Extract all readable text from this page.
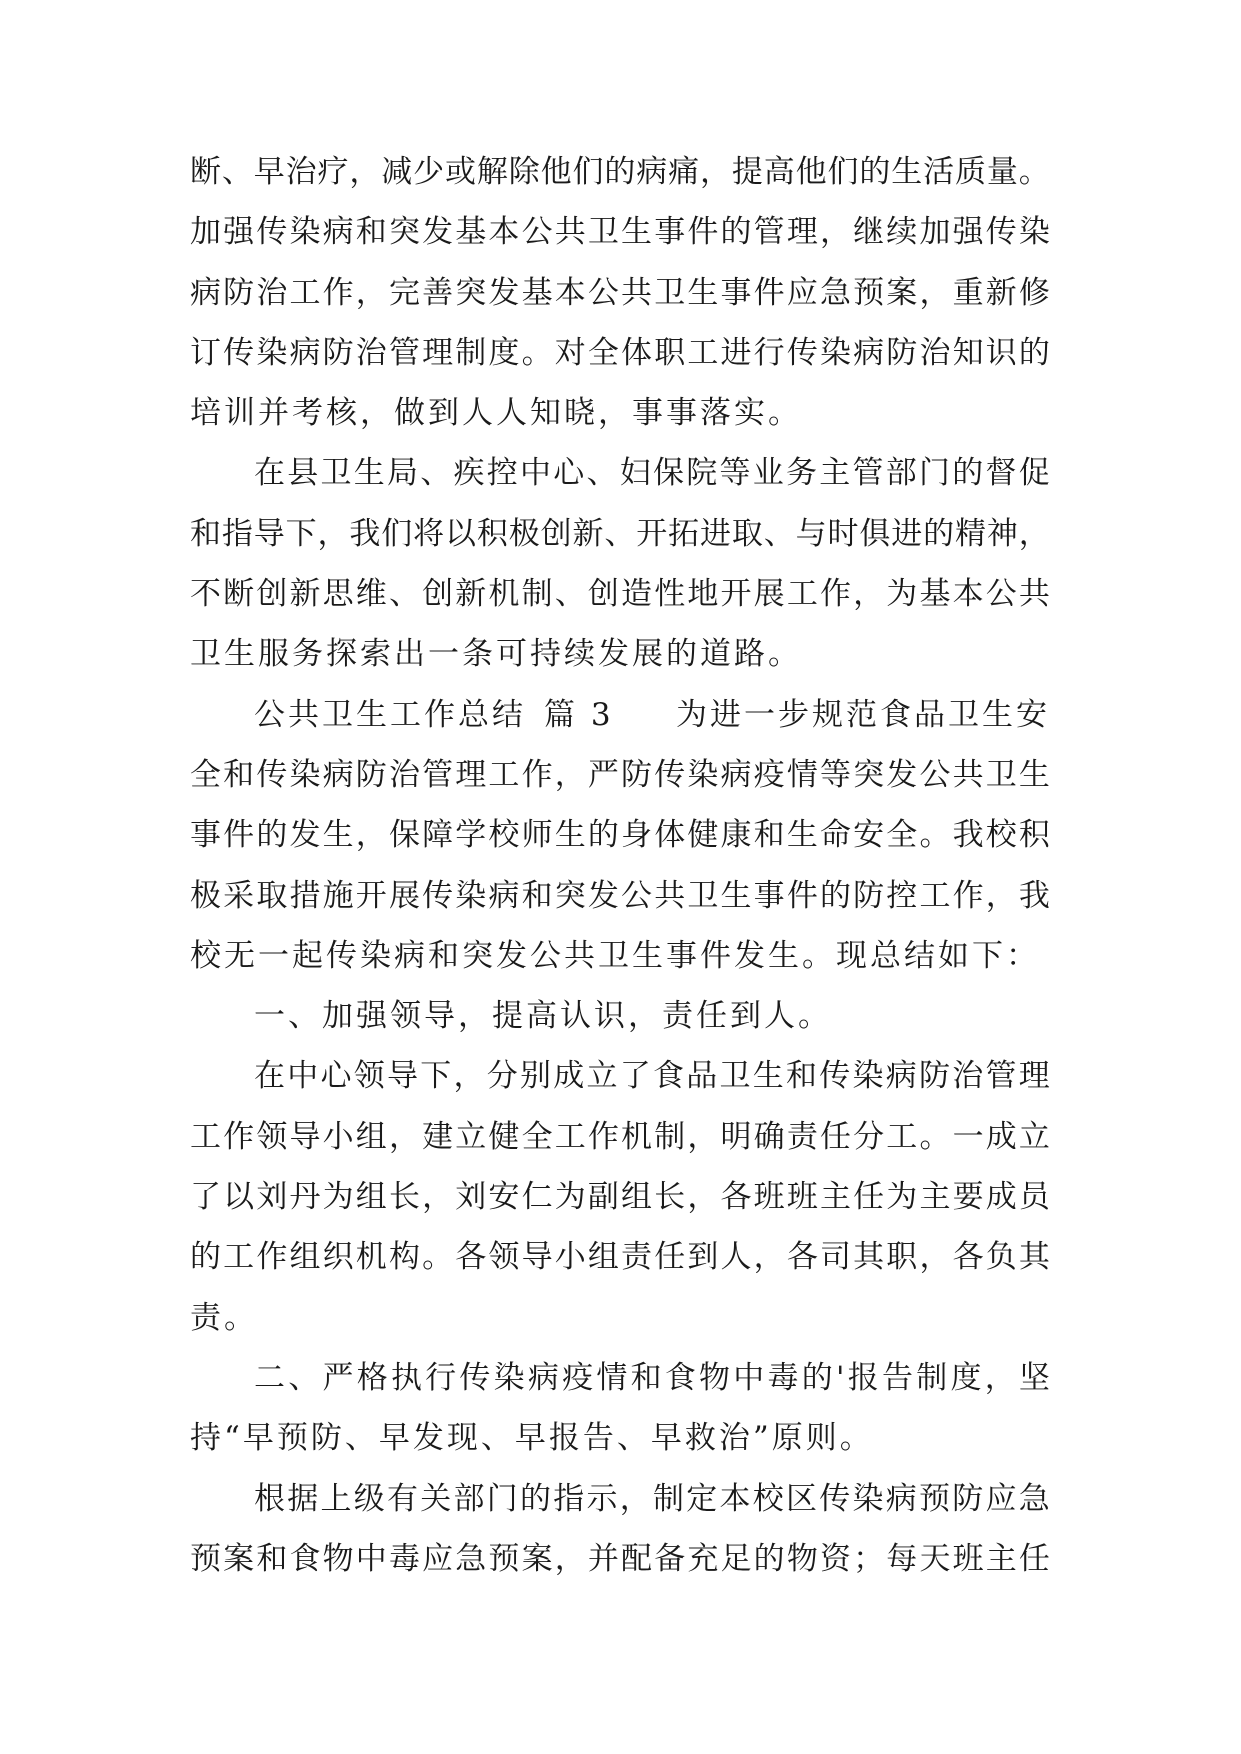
断 、 早 治 疗 ， 减 少 或 解 除 他 们 的 病 痛 ， 提 高 他 们 的 生 活 质 量 。
加 强 传 染 病 和 突 发 基 本 公 共 卫 生 事 件 的 管 理 ， 继 续 加 强 传 染
病 防 治 工 作 ， 完 善 突 发 基 本 公 共 卫 生 事 件 应 急 预 案 ， 重 新 修
订 传 染 病 防 治 管 理 制 度 。 对 全 体 职 工 进 行 传 染 病 防 治 知 识 的
培训并考核，做到人人知晓，事事落实。
在 县 卫 生 局 、 疾 控 中 心 、 妇 保 院 等 业 务 主 管 部 门 的 督 促
和 指 导 下 ， 我 们 将 以 积 极 创 新 、 开 拓 进 取 、 与 时 俱 进 的 精 神 ，
不 断 创 新 思 维 、 创 新 机 制 、 创 造 性 地 开 展 工 作 ， 为 基 本 公 共
卫生服务探索出一条可持续发展的道路。
公共卫生工作总结 篇 3 为进一步规范食品卫生安
全 和 传 染 病 防 治 管 理 工 作 ， 严 防 传 染 病 疫 情 等 突 发 公 共 卫 生
事 件 的 发 生 ， 保 障 学 校 师 生 的 身 体 健 康 和 生 命 安 全 。 我 校 积
极 采 取 措 施 开 展 传 染 病 和 突 发 公 共 卫 生 事 件 的 防 控 工 作 ， 我
校无一起传染病和突发公共卫生事件发生。现总结如下：
一、加强领导，提高认识，责任到人。
在 中 心 领 导 下 ， 分 别 成 立 了 食 品 卫 生 和 传 染 病 防 治 管 理
工 作 领 导 小 组 ， 建 立 健 全 工 作 机 制 ， 明 确 责 任 分 工 。 一 成 立
了 以 刘 丹 为 组 长 ， 刘 安 仁 为 副 组 长 ， 各 班 班 主 任 为 主 要 成 员
的 工 作 组 织 机 构 。 各 领 导 小 组 责 任 到 人 ， 各 司 其 职 ， 各 负 其
责。
二 、 严 格 执 行 传 染 病 疫 情 和 食 物 中 毒 的 ' 报 告 制 度 ， 坚
持“早预防、早发现、早报告、早救治”原则。
根 据 上 级 有 关 部 门 的 指 示 ， 制 定 本 校 区 传 染 病 预 防 应 急
预 案 和 食 物 中 毒 应 急 预 案 ， 并 配 备 充 足 的 物 资 ； 每 天 班 主 任
